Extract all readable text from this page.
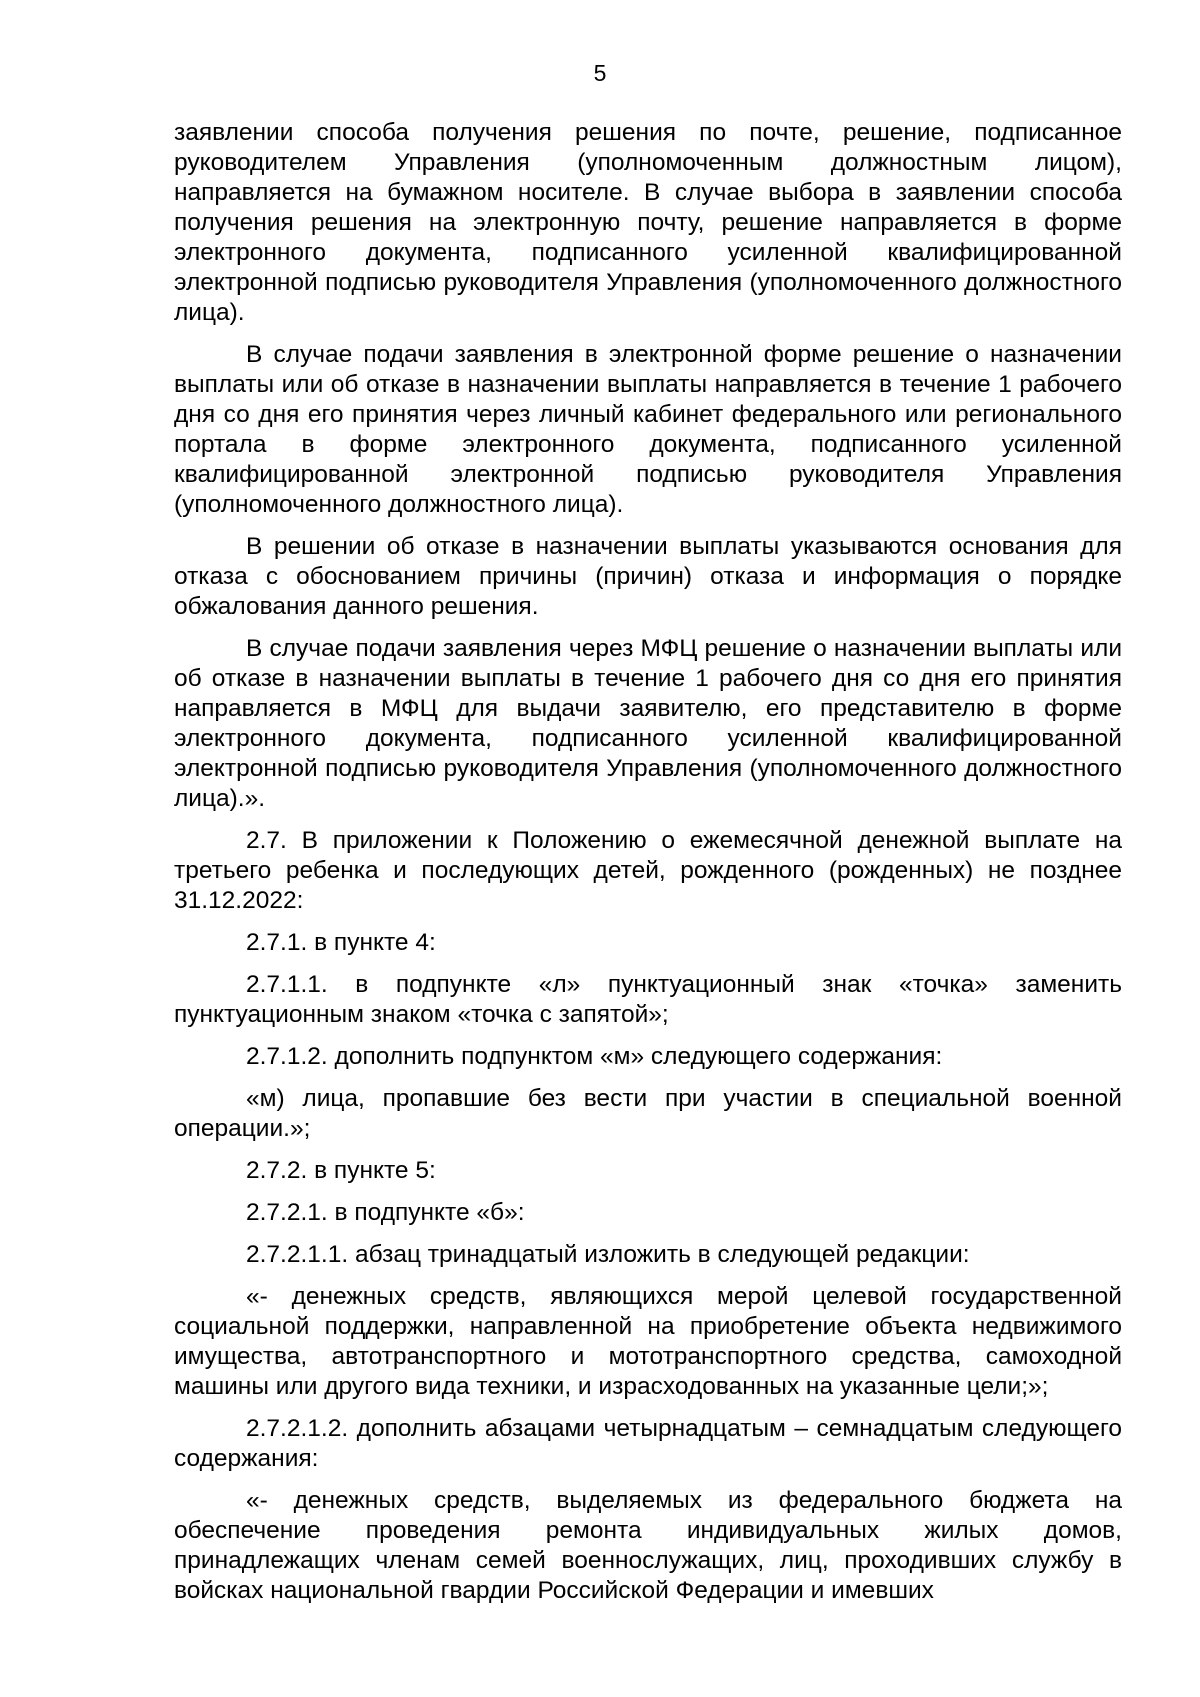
5

заявлении способа получения решения по почте, решение, подписанное руководителем Управления (уполномоченным должностным лицом), направляется на бумажном носителе. В случае выбора в заявлении способа получения решения на электронную почту, решение направляется в форме электронного документа, подписанного усиленной квалифицированной электронной подписью руководителя Управления (уполномоченного должностного лица).

В случае подачи заявления в электронной форме решение о назначении выплаты или об отказе в назначении выплаты направляется в течение 1 рабочего дня со дня его принятия через личный кабинет федерального или регионального портала в форме электронного документа, подписанного усиленной квалифицированной электронной подписью руководителя Управления (уполномоченного должностного лица).

В решении об отказе в назначении выплаты указываются основания для отказа с обоснованием причины (причин) отказа и информация о порядке обжалования данного решения.

В случае подачи заявления через МФЦ решение о назначении выплаты или об отказе в назначении выплаты в течение 1 рабочего дня со дня его принятия направляется в МФЦ для выдачи заявителю, его представителю в форме электронного документа, подписанного усиленной квалифицированной электронной подписью руководителя Управления (уполномоченного должностного лица).».

2.7. В приложении к Положению о ежемесячной денежной выплате на третьего ребенка и последующих детей, рожденного (рожденных) не позднее 31.12.2022:

2.7.1. в пункте 4:

2.7.1.1. в подпункте «л» пунктуационный знак «точка» заменить пунктуационным знаком «точка с запятой»;

2.7.1.2. дополнить подпунктом «м» следующего содержания:

«м) лица, пропавшие без вести при участии в специальной военной операции.»;

2.7.2. в пункте 5:

2.7.2.1. в подпункте «б»:

2.7.2.1.1. абзац тринадцатый изложить в следующей редакции:

«- денежных средств, являющихся мерой целевой государственной социальной поддержки, направленной на приобретение объекта недвижимого имущества, автотранспортного и мототранспортного средства, самоходной машины или другого вида техники, и израсходованных на указанные цели;»;

2.7.2.1.2. дополнить абзацами четырнадцатым – семнадцатым следующего содержания:

«- денежных средств, выделяемых из федерального бюджета на обеспечение проведения ремонта индивидуальных жилых домов, принадлежащих членам семей военнослужащих, лиц, проходивших службу в войсках национальной гвардии Российской Федерации и имевших
